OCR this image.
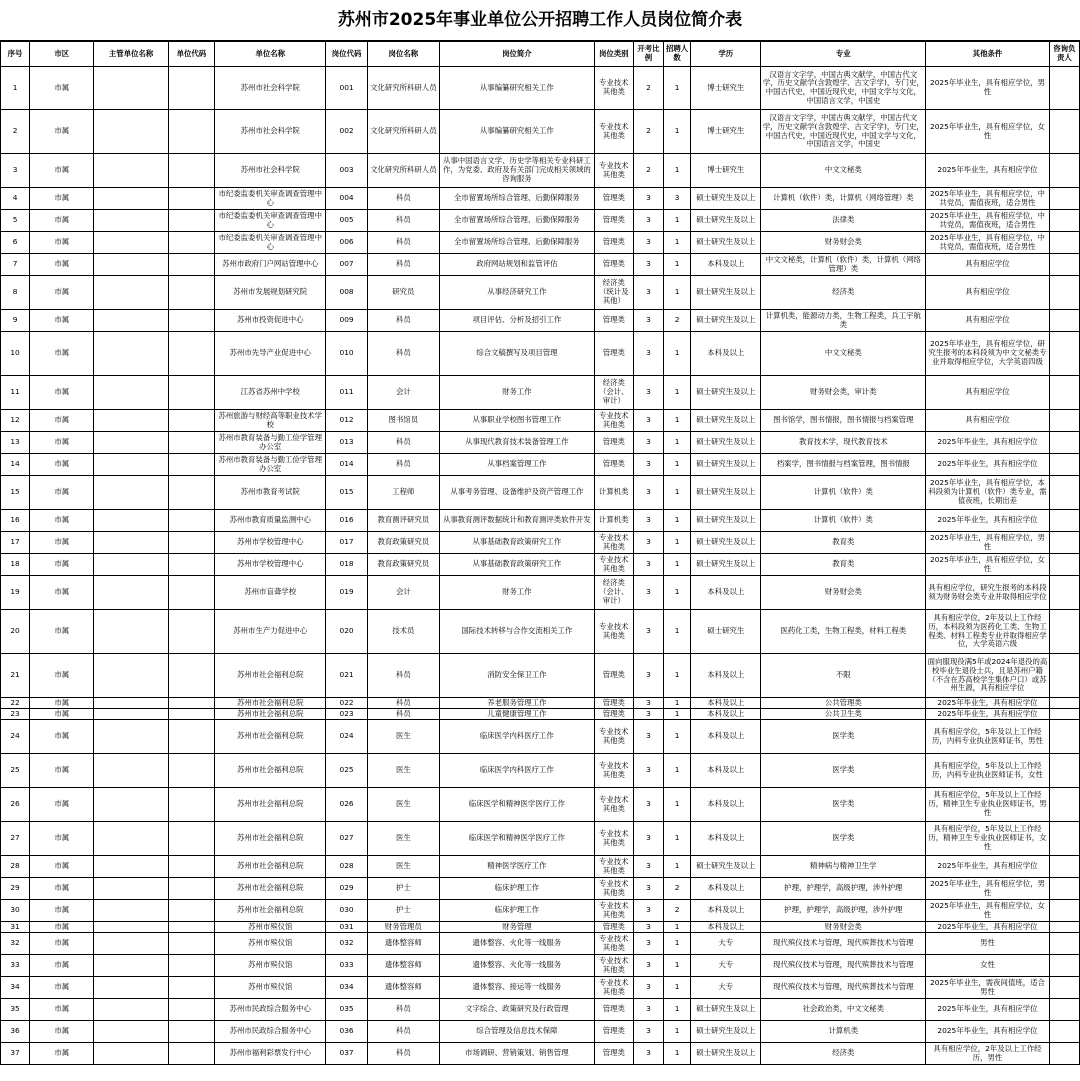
苏州市2025年事业单位公开招聘工作人员岗位简介表
序号	市区	主管单位名称	单位代码	单位名称	岗位代码	岗位名称	岗位简介	岗位类别	开考比例	招聘人数	学历	专业	其他条件	咨询负责人
1	市属			苏州市社会科学院	001	文化研究所科研人员	从事编纂研究相关工作	专业技术其他类	2	1	博士研究生	汉语言文字学，中国古典文献学，中国古代文学，历史文献学(含敦煌学、古文字学)，专门史，中国古代史，中国近现代史，中国文学与文化，中国语言文学，中国史	2025年毕业生，具有相应学位，男性	
2	市属			苏州市社会科学院	002	文化研究所科研人员	从事编纂研究相关工作	专业技术其他类	2	1	博士研究生	汉语言文字学，中国古典文献学，中国古代文学，历史文献学(含敦煌学、古文字学)，专门史，中国古代史，中国近现代史，中国文学与文化，中国语言文学，中国史	2025年毕业生，具有相应学位，女性	
3	市属			苏州市社会科学院	003	文化研究所科研人员	从事中国语言文学、历史学等相关专业科研工作，为党委、政府及有关部门完成相关领域的咨询服务	专业技术其他类	2	1	博士研究生	中文文秘类	2025年毕业生，具有相应学位	
4	市属			市纪委监委机关审查调查管理中心	004	科员	全市留置场所综合管理、后勤保障服务	管理类	3	3	硕士研究生及以上	计算机（软件）类，计算机（网络管理）类	2025年毕业生，具有相应学位，中共党员，需值夜班，适合男性	
5	市属			市纪委监委机关审查调查管理中心	005	科员	全市留置场所综合管理、后勤保障服务	管理类	3	1	硕士研究生及以上	法律类	2025年毕业生，具有相应学位，中共党员，需值夜班，适合男性	
6	市属			市纪委监委机关审查调查管理中心	006	科员	全市留置场所综合管理、后勤保障服务	管理类	3	1	硕士研究生及以上	财务财会类	2025年毕业生，具有相应学位，中共党员，需值夜班，适合男性	
7	市属			苏州市政府门户网站管理中心	007	科员	政府网站规划和监管评估	管理类	3	1	本科及以上	中文文秘类，计算机（软件）类，计算机（网络管理）类	具有相应学位	
8	市属			苏州市发展规划研究院	008	研究员	从事经济研究工作	经济类（统计及其他）	3	1	硕士研究生及以上	经济类	具有相应学位	
9	市属			苏州市投资促进中心	009	科员	项目评估、分析及招引工作	管理类	3	2	硕士研究生及以上	计算机类，能源动力类，生物工程类，兵工宇航类	具有相应学位	
10	市属			苏州市先导产业促进中心	010	科员	综合文稿撰写及项目管理	管理类	3	1	本科及以上	中文文秘类	2025年毕业生，具有相应学位，研究生报考的本科段须为中文文秘类专业并取得相应学位，大学英语四级	
11	市属			江苏省苏州中学校	011	会计	财务工作	经济类（会计、审计）	3	1	硕士研究生及以上	财务财会类，审计类	具有相应学位	
12	市属			苏州旅游与财经高等职业技术学校	012	图书馆员	从事职业学校图书管理工作	专业技术其他类	3	1	硕士研究生及以上	图书馆学，图书情报，图书情报与档案管理	具有相应学位	
13	市属			苏州市教育装备与勤工俭学管理办公室	013	科员	从事现代教育技术装备管理工作	管理类	3	1	硕士研究生及以上	教育技术学，现代教育技术	2025年毕业生，具有相应学位	
14	市属			苏州市教育装备与勤工俭学管理办公室	014	科员	从事档案管理工作	管理类	3	1	硕士研究生及以上	档案学，图书情报与档案管理，图书情报	2025年毕业生，具有相应学位	
15	市属			苏州市教育考试院	015	工程师	从事考务管理、设备维护及资产管理工作	计算机类	3	1	硕士研究生及以上	计算机（软件）类	2025年毕业生，具有相应学位，本科段须为计算机（软件）类专业，需值夜班，长期出差	
16	市属			苏州市教育质量监测中心	016	教育测评研究员	从事教育测评数据统计和教育测评类软件开发	计算机类	3	1	硕士研究生及以上	计算机（软件）类	2025年毕业生，具有相应学位	
17	市属			苏州市学校管理中心	017	教育政策研究员	从事基础教育政策研究工作	专业技术其他类	3	1	硕士研究生及以上	教育类	2025年毕业生，具有相应学位，男性	
18	市属			苏州市学校管理中心	018	教育政策研究员	从事基础教育政策研究工作	专业技术其他类	3	1	硕士研究生及以上	教育类	2025年毕业生，具有相应学位，女性	
19	市属			苏州市盲聋学校	019	会计	财务工作	经济类（会计、审计）	3	1	本科及以上	财务财会类	具有相应学位，研究生报考的本科段须为财务财会类专业并取得相应学位	
20	市属			苏州市生产力促进中心	020	技术员	国际技术转移与合作交流相关工作	专业技术其他类	3	1	硕士研究生	医药化工类，生物工程类，材料工程类	具有相应学位，2年及以上工作经历，本科段须为医药化工类、生物工程类、材料工程类专业并取得相应学位，大学英语六级	
21	市属			苏州市社会福利总院	021	科员	消防安全保卫工作	管理类	3	1	本科及以上	不限	面向服现役满5年或2024年退役的高校毕业生退役士兵，且是苏州户籍（不含在苏高校学生集体户口）或苏州生源，具有相应学位	
22	市属			苏州市社会福利总院	022	科员	养老服务管理工作	管理类	3	1	本科及以上	公共管理类	2025年毕业生，具有相应学位	
23	市属			苏州市社会福利总院	023	科员	儿童健康管理工作	管理类	3	1	本科及以上	公共卫生类	2025年毕业生，具有相应学位	
24	市属			苏州市社会福利总院	024	医生	临床医学内科医疗工作	专业技术其他类	3	1	本科及以上	医学类	具有相应学位，5年及以上工作经历，内科专业执业医师证书，男性	
25	市属			苏州市社会福利总院	025	医生	临床医学内科医疗工作	专业技术其他类	3	1	本科及以上	医学类	具有相应学位，5年及以上工作经历，内科专业执业医师证书，女性	
26	市属			苏州市社会福利总院	026	医生	临床医学和精神医学医疗工作	专业技术其他类	3	1	本科及以上	医学类	具有相应学位，5年及以上工作经历，精神卫生专业执业医师证书，男性	
27	市属			苏州市社会福利总院	027	医生	临床医学和精神医学医疗工作	专业技术其他类	3	1	本科及以上	医学类	具有相应学位，5年及以上工作经历，精神卫生专业执业医师证书，女性	
28	市属			苏州市社会福利总院	028	医生	精神医学医疗工作	专业技术其他类	3	1	硕士研究生及以上	精神病与精神卫生学	2025年毕业生，具有相应学位	
29	市属			苏州市社会福利总院	029	护士	临床护理工作	专业技术其他类	3	2	本科及以上	护理，护理学，高级护理，涉外护理	2025年毕业生，具有相应学位，男性	
30	市属			苏州市社会福利总院	030	护士	临床护理工作	专业技术其他类	3	2	本科及以上	护理，护理学，高级护理，涉外护理	2025年毕业生，具有相应学位，女性	
31	市属			苏州市殡仪馆	031	财务管理员	财务管理	管理类	3	1	本科及以上	财务财会类	2025年毕业生，具有相应学位	
32	市属			苏州市殡仪馆	032	遗体整容师	遗体整容、火化等一线服务	专业技术其他类	3	1	大专	现代殡仪技术与管理，现代殡葬技术与管理	男性	
33	市属			苏州市殡仪馆	033	遗体整容师	遗体整容、火化等一线服务	专业技术其他类	3	1	大专	现代殡仪技术与管理，现代殡葬技术与管理	女性	
34	市属			苏州市殡仪馆	034	遗体整容师	遗体整容、接运等一线服务	专业技术其他类	3	1	大专	现代殡仪技术与管理，现代殡葬技术与管理	2025年毕业生，需夜间值班，适合男性	
35	市属			苏州市民政综合服务中心	035	科员	文字综合、政策研究及行政管理	管理类	3	1	硕士研究生及以上	社会政治类，中文文秘类	2025年毕业生，具有相应学位	
36	市属			苏州市民政综合服务中心	036	科员	综合管理及信息技术保障	管理类	3	1	硕士研究生及以上	计算机类	2025年毕业生，具有相应学位	
37	市属			苏州市福利彩票发行中心	037	科员	市场调研、营销策划、销售管理	管理类	3	1	硕士研究生及以上	经济类	具有相应学位，2年及以上工作经历，男性	
